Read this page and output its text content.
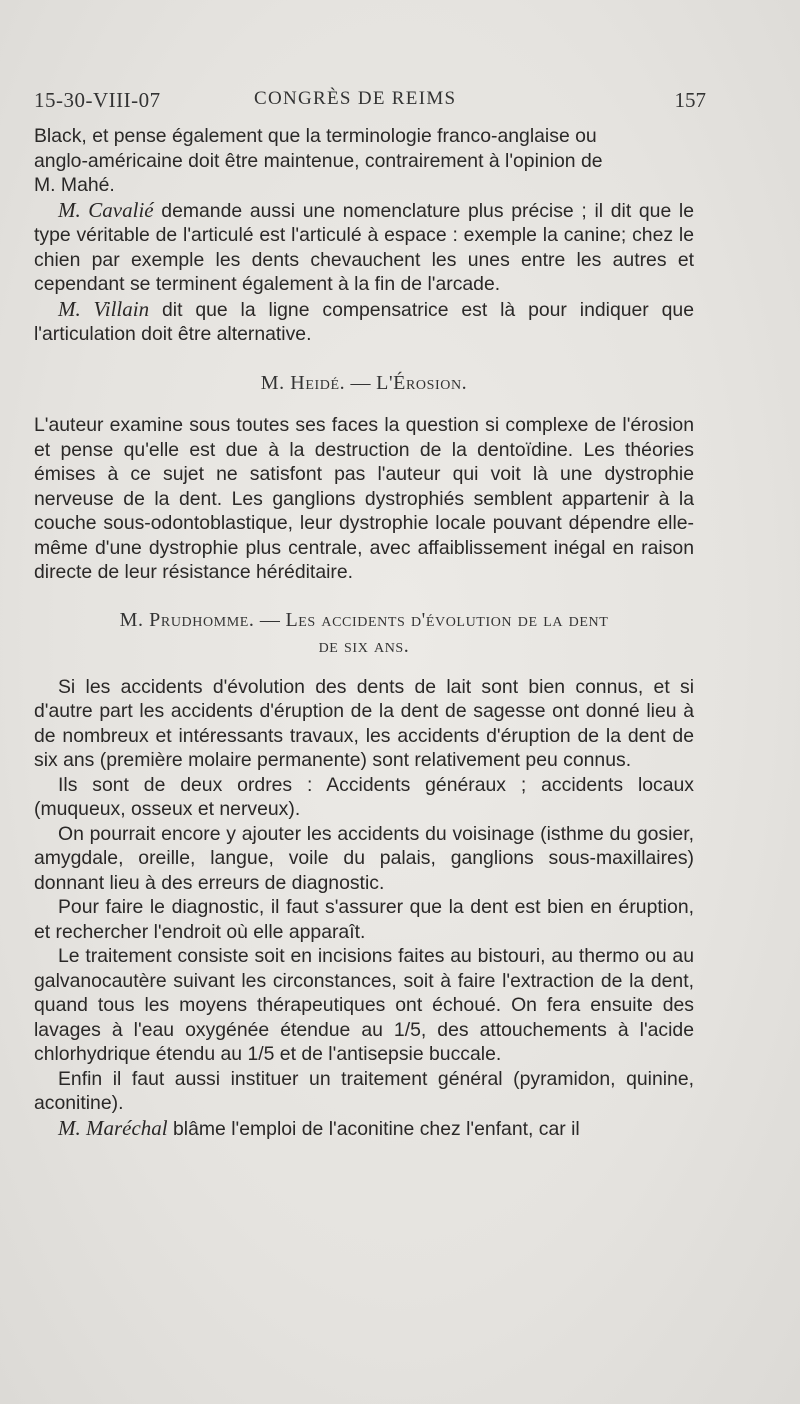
15-30-VIII-07	CONGRÈS DE REIMS	157

Black, et pense également que la terminologie franco-anglaise ou
anglo-américaine doit être maintenue, contrairement à l'opinion de
M. Mahé.

M. Cavalié demande aussi une nomenclature plus précise ; il dit que le type véritable de l'articulé est l'articulé à espace : exemple la canine; chez le chien par exemple les dents chevauchent les unes entre les autres et cependant se terminent également à la fin de l'arcade.

M. Villain dit que la ligne compensatrice est là pour indiquer que l'articulation doit être alternative.

M. Heidé. — L'Érosion.

L'auteur examine sous toutes ses faces la question si complexe de l'érosion et pense qu'elle est due à la destruction de la dentoïdine. Les théories émises à ce sujet ne satisfont pas l'auteur qui voit là une dystrophie nerveuse de la dent. Les ganglions dystrophiés semblent appartenir à la couche sous-odontoblastique, leur dystrophie locale pouvant dépendre elle-même d'une dystrophie plus centrale, avec affaiblissement inégal en raison directe de leur résistance héréditaire.

M. Prudhomme. — Les accidents d'évolution de la dent
de six ans.

Si les accidents d'évolution des dents de lait sont bien connus, et si d'autre part les accidents d'éruption de la dent de sagesse ont donné lieu à de nombreux et intéressants travaux, les accidents d'éruption de la dent de six ans (première molaire permanente) sont relativement peu connus.

Ils sont de deux ordres : Accidents généraux ; accidents locaux (muqueux, osseux et nerveux).

On pourrait encore y ajouter les accidents du voisinage (isthme du gosier, amygdale, oreille, langue, voile du palais, ganglions sous-maxillaires) donnant lieu à des erreurs de diagnostic.

Pour faire le diagnostic, il faut s'assurer que la dent est bien en éruption, et rechercher l'endroit où elle apparaît.

Le traitement consiste soit en incisions faites au bistouri, au thermo ou au galvanocautère suivant les circonstances, soit à faire l'extraction de la dent, quand tous les moyens thérapeutiques ont échoué. On fera ensuite des lavages à l'eau oxygénée étendue au 1/5, des attouchements à l'acide chlorhydrique étendu au 1/5 et de l'antisepsie buccale.

Enfin il faut aussi instituer un traitement général (pyramidon, quinine, aconitine).

M. Maréchal blâme l'emploi de l'aconitine chez l'enfant, car il
